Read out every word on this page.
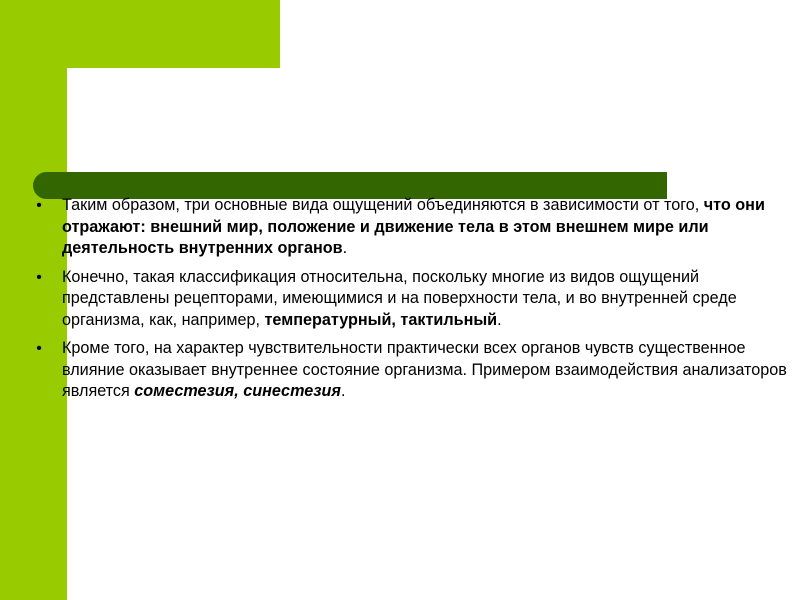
• Таким образом, три основные вида ощущений объединяются в зависимости от того, что они отражают: внешний мир, положение и движение тела в этом внешнем мире или деятельность внутренних органов.
• Конечно, такая классификация относительна, поскольку многие из видов ощущений представлены рецепторами, имеющимися и на поверхности тела, и во внутренней среде организма, как, например, температурный, тактильный.
• Кроме того, на характер чувствительности практически всех органов чувств существенное влияние оказывает внутреннее состояние организма. Примером взаимодействия анализаторов является соместезия, синестезия.
